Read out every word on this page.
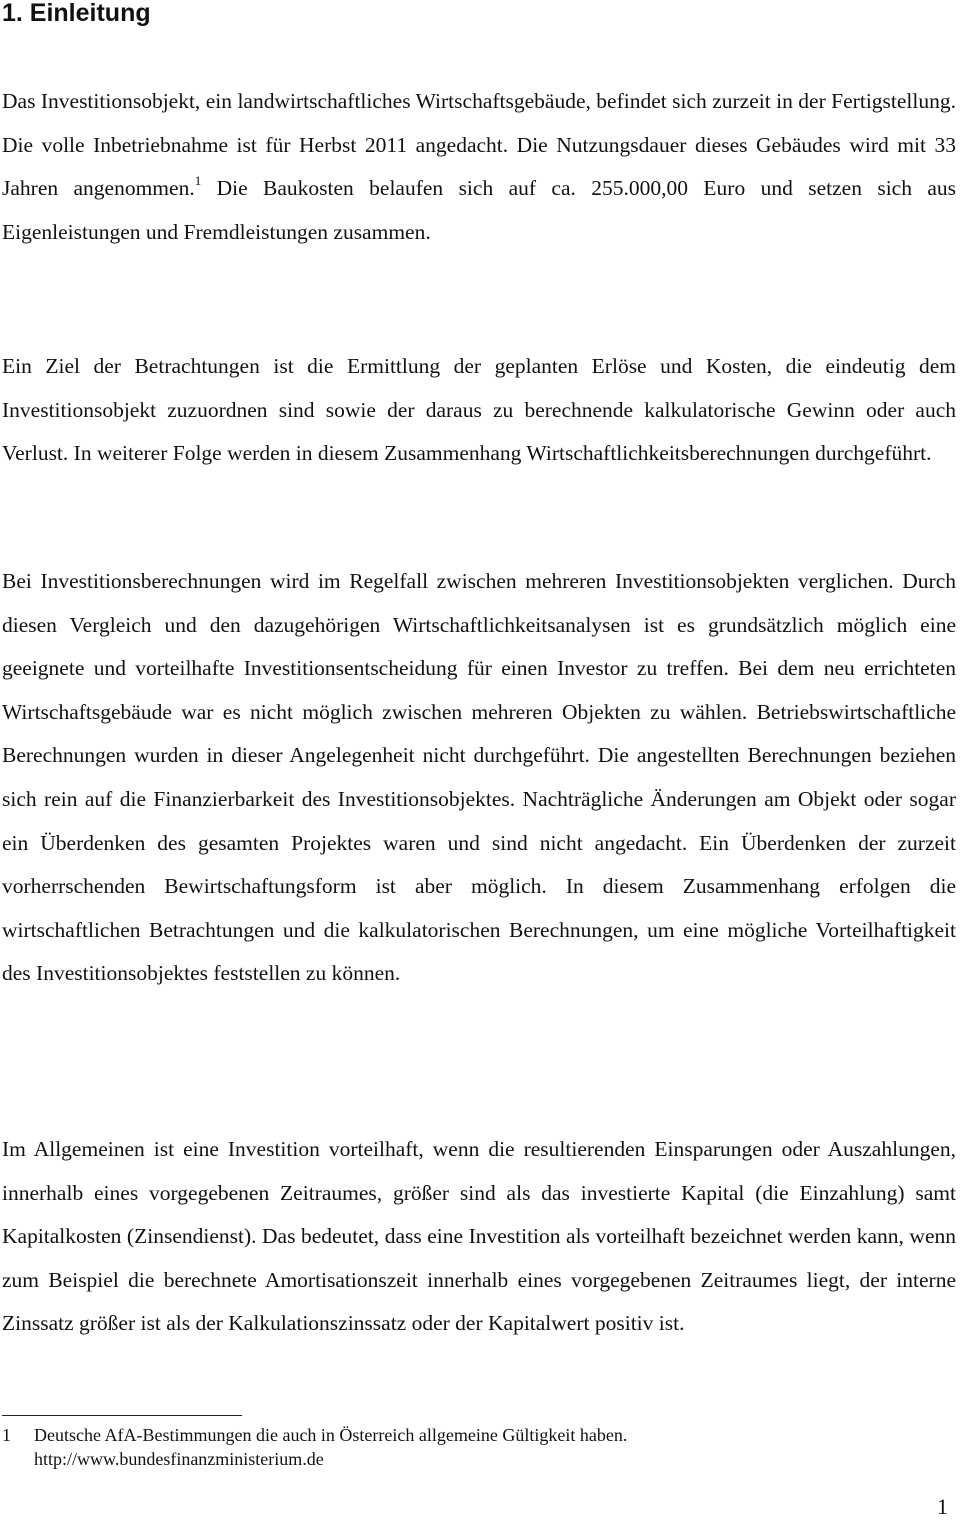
1. Einleitung

Das Investitionsobjekt, ein landwirtschaftliches Wirtschaftsgebäude, befindet sich zurzeit in der Fertigstellung. Die volle Inbetriebnahme ist für Herbst 2011 angedacht. Die Nutzungsdauer dieses Gebäudes wird mit 33 Jahren angenommen.$^1$ Die Baukosten belaufen sich auf ca. 255.000,00 Euro und setzen sich aus Eigenleistungen und Fremdleistungen zusammen.

Ein Ziel der Betrachtungen ist die Ermittlung der geplanten Erlöse und Kosten, die eindeutig dem Investitionsobjekt zuzuordnen sind sowie der daraus zu berechnende kalkulatorische Gewinn oder auch Verlust. In weiterer Folge werden in diesem Zusammenhang Wirtschaftlichkeitsberechnungen durchgeführt.

Bei Investitionsberechnungen wird im Regelfall zwischen mehreren Investitionsobjekten verglichen. Durch diesen Vergleich und den dazugehörigen Wirtschaftlichkeitsanalysen ist es grundsätzlich möglich eine geeignete und vorteilhafte Investitionsentscheidung für einen Investor zu treffen. Bei dem neu errichteten Wirtschaftsgebäude war es nicht möglich zwischen mehreren Objekten zu wählen. Betriebswirtschaftliche Berechnungen wurden in dieser Angelegenheit nicht durchgeführt. Die angestellten Berechnungen beziehen sich rein auf die Finanzierbarkeit des Investitionsobjektes. Nachträgliche Änderungen am Objekt oder sogar ein Überdenken des gesamten Projektes waren und sind nicht angedacht. Ein Überdenken der zurzeit vorherrschenden Bewirtschaftungsform ist aber möglich. In diesem Zusammenhang erfolgen die wirtschaftlichen Betrachtungen und die kalkulatorischen Berechnungen, um eine mögliche Vorteilhaftigkeit des Investitionsobjektes feststellen zu können.

Im Allgemeinen ist eine Investition vorteilhaft, wenn die resultierenden Einsparungen oder Auszahlungen, innerhalb eines vorgegebenen Zeitraumes, größer sind als das investierte Kapital (die Einzahlung) samt Kapitalkosten (Zinsendienst). Das bedeutet, dass eine Investition als vorteilhaft bezeichnet werden kann, wenn zum Beispiel die berechnete Amortisationszeit innerhalb eines vorgegebenen Zeitraumes liegt, der interne Zinssatz größer ist als der Kalkulationszinssatz oder der Kapitalwert positiv ist.

1 Deutsche AfA-Bestimmungen die auch in Österreich allgemeine Gültigkeit haben.
http://www.bundesfinanzministerium.de
1
